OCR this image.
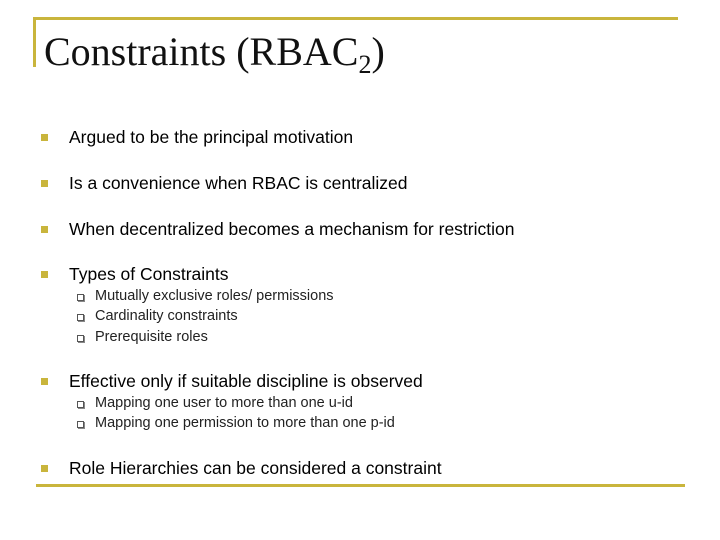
Constraints $(RBAC_2)$
Argued to be the principal motivation
Is a convenience when RBAC is centralized
When decentralized becomes a mechanism for restriction
Types of Constraints
Mutually exclusive roles/ permissions
Cardinality constraints
Prerequisite roles
Effective only if suitable discipline is observed
Mapping one user to more than one u-id
Mapping one permission to more than one p-id
Role Hierarchies can be considered a constraint
